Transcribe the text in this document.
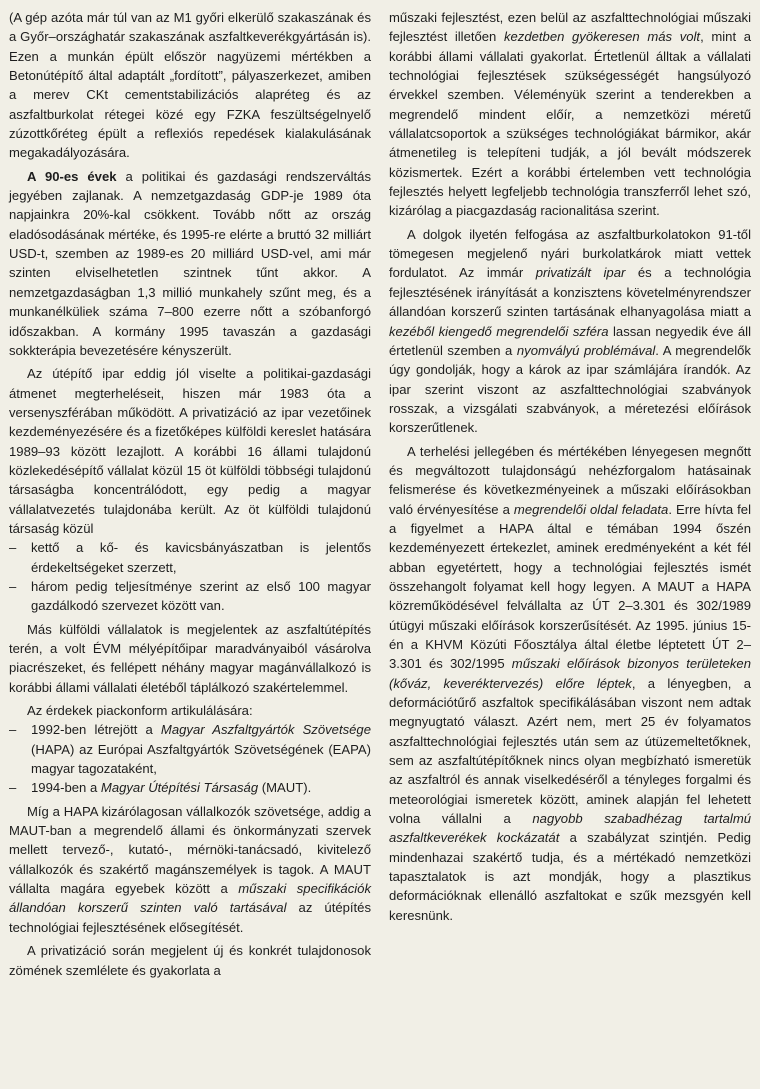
(A gép azóta már túl van az M1 győri elkerülő szakaszának és a Győr–országhatár szakaszának aszfaltkeverékgyártásán is). Ezen a munkán épült először nagyüzemi mértékben a Betonútépítő által adaptált „fordított”, pályaszerkezet, amiben a merev CKt cementstabilizációs alapréteg és az aszfaltburkolat rétegei közé egy FZKA feszültségelnyelő zúzottkőréteg épült a reflexiós repedések kialakulásának megakadályozására.

A 90-es évek a politikai és gazdasági rendszerváltás jegyében zajlanak. A nemzetgazdaság GDP-je 1989 óta napjainkra 20%-kal csökkent. Tovább nőtt az ország eladósodásának mértéke, és 1995-re elérte a bruttó 32 milliárt USD-t, szemben az 1989-es 20 milliárd USD-vel, ami már szinten elviselhetetlen szintnek tűnt akkor. A nemzetgazdaságban 1,3 millió munkahely szűnt meg, és a munkanélküliek száma 7–800 ezerre nőtt a szóbanforgó időszakban. A kormány 1995 tavaszán a gazdasági sokkterápia bevezetésére kényszerült.

Az útépítő ipar eddig jól viselte a politikai-gazdasági átmenet megterheléseit, hiszen már 1983 óta a versenyszférában működött. A privatizáció az ipar vezetőinek kezdeményezésére és a fizetőképes külföldi kereslet hatására 1989–93 között lezajlott. A korábbi 16 állami tulajdonú közlekedésépítő vállalat közül 15 öt külföldi többségi tulajdonú társaságba koncentrálódott, egy pedig a magyar vállalatvezetés tulajdonába került. Az öt külföldi tulajdonú társaság közül

–	kettő a kő- és kavicsbányászatban is jelentős érdekeltségeket szerzett,
–	három pedig teljesítménye szerint az első 100 magyar gazdálkodó szervezet között van.

Más külföldi vállalatok is megjelentek az aszfaltútépítés terén, a volt ÉVM mélyépítőipar maradványaiból vásárolva piacrészeket, és fellépett néhány magyar magánvállalkozó is korábbi állami vállalati életéből táplálkozó szakértelemmel.

Az érdekek piackonform artikulálására:

–	1992-ben létrejött a Magyar Aszfaltgyártók Szövetsége (HAPA) az Európai Aszfaltgyártók Szövetségének (EAPA) magyar tagozataként,
–	1994-ben a Magyar Útépítési Társaság (MAUT).

Míg a HAPA kizárólagosan vállalkozók szövetsége, addig a MAUT-ban a megrendelő állami és önkormányzati szervek mellett tervező-, kutató-, mérnöki-tanácsadó, kivitelező vállalkozók és szakértő magánszemélyek is tagok. A MAUT vállalta magára egyebek között a műszaki specifikációk állandóan korszerű szinten való tartásával az útépítés technológiai fejlesztésének elősegítését.

A privatizáció során megjelent új és konkrét tulajdonosok zömének szemlélete és gyakorlata a

műszaki fejlesztést, ezen belül az aszfalttechnológiai műszaki fejlesztést illetően kezdetben gyökeresen más volt, mint a korábbi állami vállalati gyakorlat. Értetlenül álltak a vállalati technológiai fejlesztések szükségességét hangsúlyozó érvekkel szemben. Véleményük szerint a tenderekben a megrendelő mindent előír, a nemzetközi méretű vállalatcsoportok a szükséges technológiákat bármikor, akár átmenetileg is telepíteni tudják, a jól bevált módszerek közismertek. Ezért a korábbi értelemben vett technológia fejlesztés helyett legfeljebb technológia transzferről lehet szó, kizárólag a piacgazdaság racionalitása szerint.

A dolgok ilyetén felfogása az aszfaltburkolatokon 91-től tömegesen megjelenő nyári burkolatkárok miatt vettek fordulatot. Az immár privatizált ipar és a technológia fejlesztésének irányítását a konzisztens követelményrendszer állandóan korszerű szinten tartásának elhanyagolása miatt a kezéből kiengedő megrendelői szféra lassan negyedik éve áll értetlenül szemben a nyomvályú problémával. A megrendelők úgy gondolják, hogy a károk az ipar számlájára írandók. Az ipar szerint viszont az aszfalttechnológiai szabványok rosszak, a vizsgálati szabványok, a méretezési előírások korszerűtlenek.

A terhelési jellegében és mértékében lényegesen megnőtt és megváltozott tulajdonságú nehézforgalom hatásainak felismerése és következményeinek a műszaki előírásokban való érvényesítése a megrendelői oldal feladata. Erre hívta fel a figyelmet a HAPA által e témában 1994 őszén kezdeményezett értekezlet, aminek eredményeként a két fél abban egyetértett, hogy a technológiai fejlesztés ismét összehangolt folyamat kell hogy legyen. A MAUT a HAPA közreműködésével felvállalta az ÚT 2–3.301 és 302/1989 útügyi műszaki előírások korszerűsítését. Az 1995. június 15-én a KHVM Közúti Főosztálya által életbe léptetett ÚT 2–3.301 és 302/1995 műszaki előírások bizonyos területeken (kőváz, keveréktervezés) előre léptek, a lényegben, a deformációtűrő aszfaltok specifikálásában viszont nem adtak megnyugtató választ. Azért nem, mert 25 év folyamatos aszfalttechnológiai fejlesztés után sem az útüzemeltetőknek, sem az aszfaltútépítőknek nincs olyan megbízható ismeretük az aszfaltról és annak viselkedéséről a tényleges forgalmi és meteorológiai ismeretek között, aminek alapján fel lehetett volna vállalni a nagyobb szabadhézag tartalmú aszfaltkeverékek kockázatát a szabályzat szintjén. Pedig mindenhazai szakértő tudja, és a mértékadó nemzetközi tapasztalatok is azt mondják, hogy a plasztikus deformációknak ellenálló aszfaltokat e szűk mezsgyén kell keresnünk.
